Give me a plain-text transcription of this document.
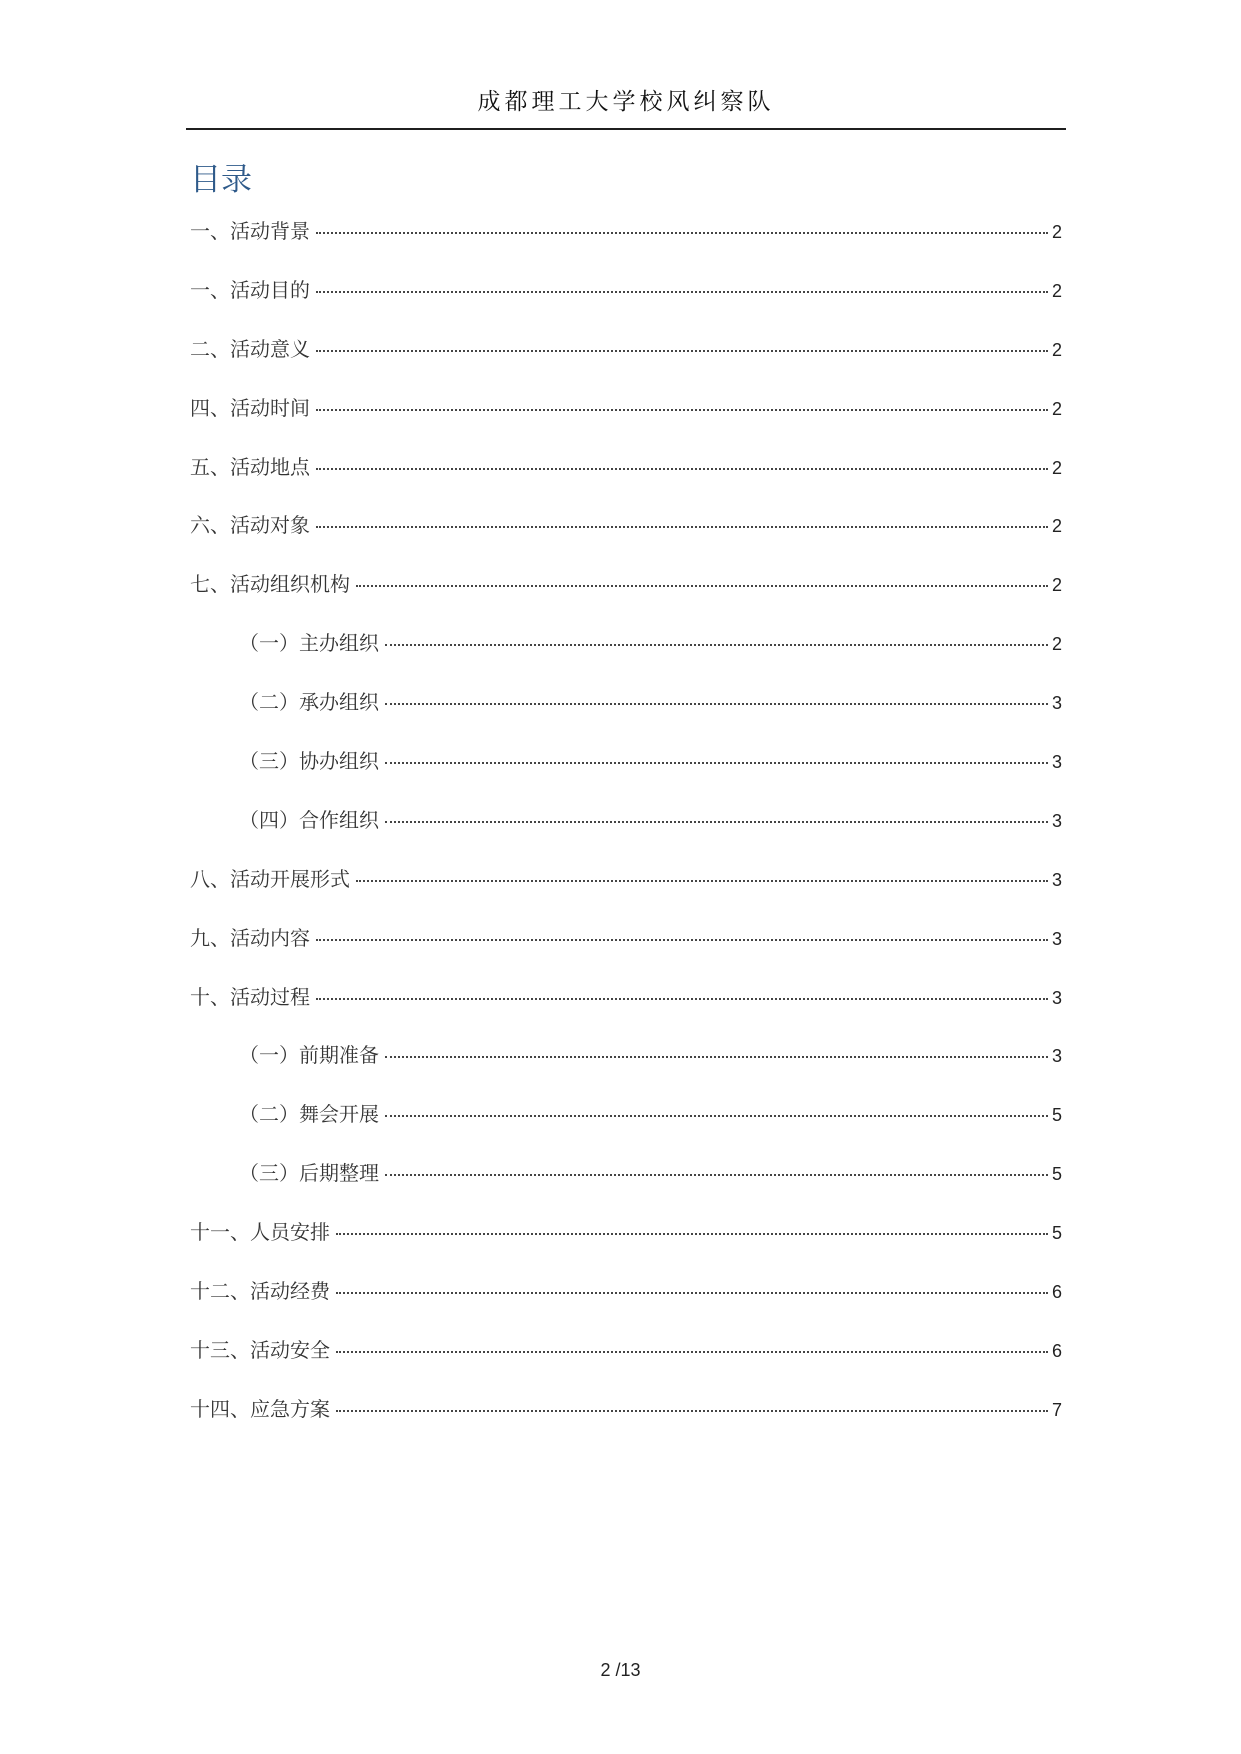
成都理工大学校风纠察队
目录
一、活动背景	2
一、活动目的	2
二、活动意义	2
四、活动时间	2
五、活动地点	2
六、活动对象	2
七、活动组织机构	2
（一）主办组织	2
（二）承办组织	3
（三）协办组织	3
（四）合作组织	3
八、活动开展形式	3
九、活动内容	3
十、活动过程	3
（一）前期准备	3
（二）舞会开展	5
（三）后期整理	5
十一、人员安排	5
十二、活动经费	6
十三、活动安全	6
十四、应急方案	7
2 /13
